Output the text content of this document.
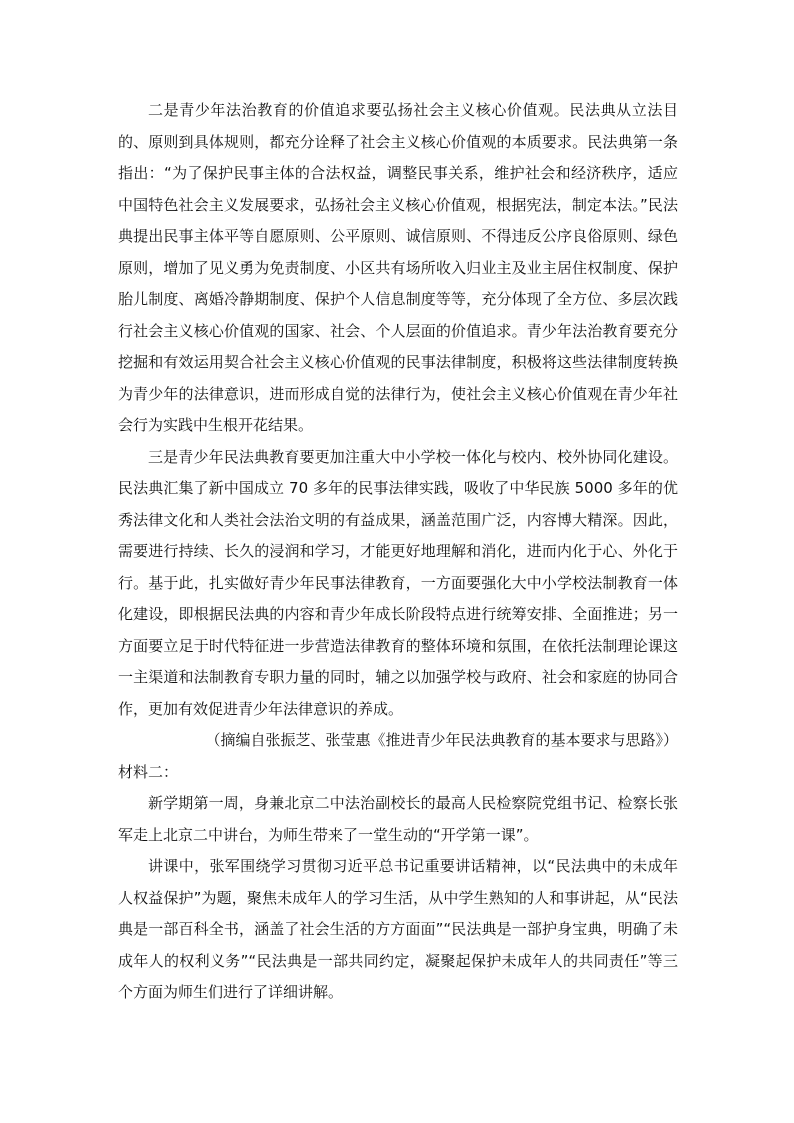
二是青少年法治教育的价值追求要弘扬社会主义核心价值观。民法典从立法目的、原则到具体规则，都充分诠释了社会主义核心价值观的本质要求。民法典第一条指出：“为了保护民事主体的合法权益，调整民事关系，维护社会和经济秩序，适应中国特色社会主义发展要求，弘扬社会主义核心价值观，根据宪法，制定本法。”民法典提出民事主体平等自愿原则、公平原则、诚信原则、不得违反公序良俗原则、绿色原则，增加了见义勇为免责制度、小区共有场所收入归业主及业主居住权制度、保护胎儿制度、离婚冷静期制度、保护个人信息制度等等，充分体现了全方位、多层次践行社会主义核心价值观的国家、社会、个人层面的价值追求。青少年法治教育要充分挖掘和有效运用契合社会主义核心价值观的民事法律制度，积极将这些法律制度转换为青少年的法律意识，进而形成自觉的法律行为，使社会主义核心价值观在青少年社会行为实践中生根开花结果。

三是青少年民法典教育要更加注重大中小学校一体化与校内、校外协同化建设。民法典汇集了新中国成立 70 多年的民事法律实践，吸收了中华民族 5000 多年的优秀法律文化和人类社会法治文明的有益成果，涵盖范围广泛，内容博大精深。因此，需要进行持续、长久的浸润和学习，才能更好地理解和消化，进而内化于心、外化于行。基于此，扎实做好青少年民事法律教育，一方面要强化大中小学校法制教育一体化建设，即根据民法典的内容和青少年成长阶段特点进行统筹安排、全面推进；另一方面要立足于时代特征进一步营造法律教育的整体环境和氛围，在依托法制理论课这一主渠道和法制教育专职力量的同时，辅之以加强学校与政府、社会和家庭的协同合作，更加有效促进青少年法律意识的养成。

（摘编自张振芝、张莹惠《推进青少年民法典教育的基本要求与思路》）

材料二：

新学期第一周，身兼北京二中法治副校长的最高人民检察院党组书记、检察长张军走上北京二中讲台，为师生带来了一堂生动的“开学第一课”。

讲课中，张军围绕学习贯彻习近平总书记重要讲话精神，以“民法典中的未成年人权益保护”为题，聚焦未成年人的学习生活，从中学生熟知的人和事讲起，从“民法典是一部百科全书，涵盖了社会生活的方方面面”“民法典是一部护身宝典，明确了未成年人的权利义务”“民法典是一部共同约定，凝聚起保护未成年人的共同责任”等三个方面为师生们进行了详细讲解。
